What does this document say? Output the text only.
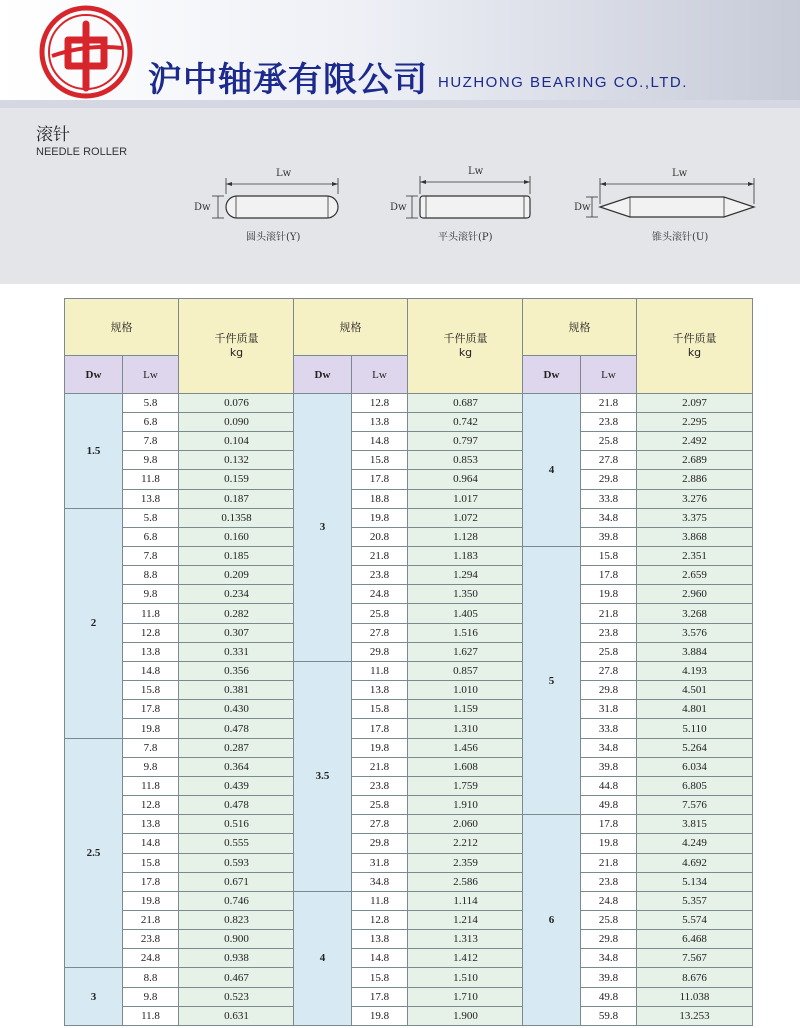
沪中轴承有限公司 HUZHONG BEARING CO.,LTD.
滚针
NEEDLE ROLLER
Lw
Dw
圆头滚针(Y)
Lw
Dw
平头滚针(P)
Lw
Dw
锥头滚针(U)
规格		千件质量
kg

Dw	Lw	
1.5	5.8	0.076
	6.8	0.090
	7.8	0.104
	9.8	0.132
	11.8	0.159
	13.8	0.187
2	5.8	0.1358
	6.8	0.160
	7.8	0.185
	8.8	0.209
	9.8	0.234
	11.8	0.282
	12.8	0.307
	13.8	0.331
	14.8	0.356
	15.8	0.381
	17.8	0.430
	19.8	0.478
2.5	7.8	0.287
	9.8	0.364
	11.8	0.439
	12.8	0.478
	13.8	0.516
	14.8	0.555
	15.8	0.593
	17.8	0.671
	19.8	0.746
	21.8	0.823
	23.8	0.900
	24.8	0.938
3	8.8	0.467
	9.8	0.523
	11.8	0.631
规格		千件质量
kg

Dw	Lw	
3	12.8	0.687
	13.8	0.742
	14.8	0.797
	15.8	0.853
	17.8	0.964
	18.8	1.017
	19.8	1.072
	20.8	1.128
	21.8	1.183
	23.8	1.294
	24.8	1.350
	25.8	1.405
	27.8	1.516
	29.8	1.627
3.5	11.8	0.857
	13.8	1.010
	15.8	1.159
	17.8	1.310
	19.8	1.456
	21.8	1.608
	23.8	1.759
	25.8	1.910
	27.8	2.060
	29.8	2.212
	31.8	2.359
	34.8	2.586
4	11.8	1.114
	12.8	1.214
	13.8	1.313
	14.8	1.412
	15.8	1.510
	17.8	1.710
	19.8	1.900
规格		千件质量
kg

Dw	Lw	
4	21.8	2.097
	23.8	2.295
	25.8	2.492
	27.8	2.689
	29.8	2.886
	33.8	3.276
	34.8	3.375
	39.8	3.868
5	15.8	2.351
	17.8	2.659
	19.8	2.960
	21.8	3.268
	23.8	3.576
	25.8	3.884
	27.8	4.193
	29.8	4.501
	31.8	4.801
	33.8	5.110
	34.8	5.264
	39.8	6.034
	44.8	6.805
	49.8	7.576
6	17.8	3.815
	19.8	4.249
	21.8	4.692
	23.8	5.134
	24.8	5.357
	25.8	5.574
	29.8	6.468
	34.8	7.567
	39.8	8.676
	49.8	11.038
	59.8	13.253
